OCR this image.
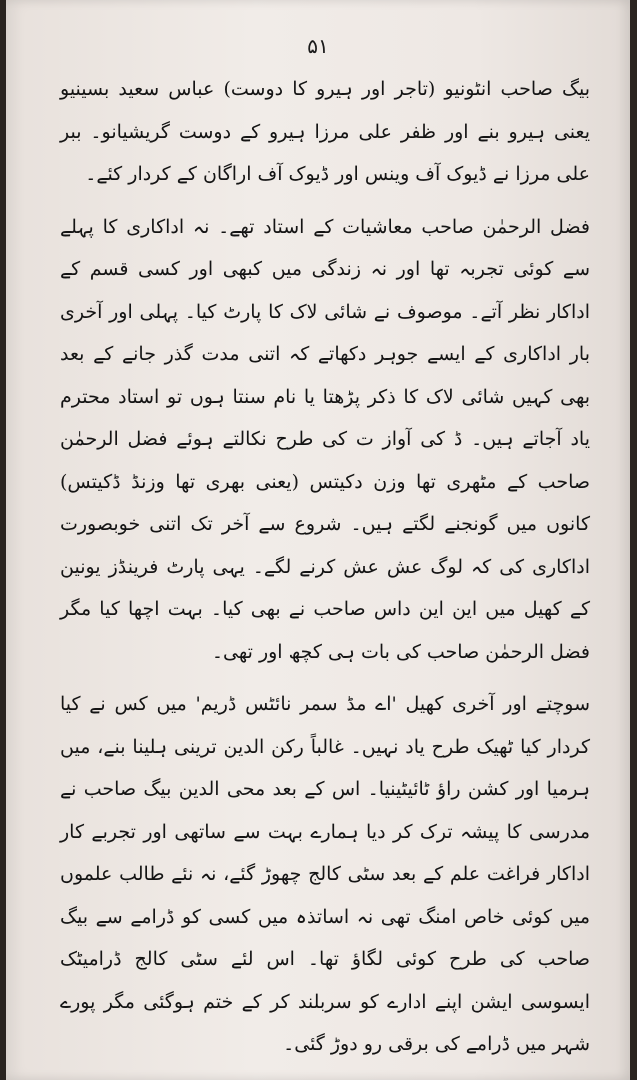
۵۱

بیگ صاحب انٹونیو (تاجر اور ہیرو کا دوست) عباس سعید بسینیو یعنی ہیرو بنے اور ظفر علی مرزا ہیرو کے دوست گریشیانو۔ ببر علی مرزا نے ڈیوک آف وینس اور ڈیوک آف اراگان کے کردار کئے۔

فضل الرحمٰن صاحب معاشیات کے استاد تھے۔ نہ اداکاری کا پہلے سے کوئی تجربہ تھا اور نہ زندگی میں کبھی اور کسی قسم کے اداکار نظر آتے۔ موصوف نے شائی لاک کا پارٹ کیا۔ پہلی اور آخری بار اداکاری کے ایسے جوہر دکھاتے کہ اتنی مدت گذر جانے کے بعد بھی کہیں شائی لاک کا ذکر پڑھتا یا نام سنتا ہوں تو استاد محترم یاد آجاتے ہیں۔ ڈ کی آواز ت کی طرح نکالتے ہوئے فضل الرحمٰن صاحب کے مٹھری تھا وزن دکیتس (یعنی بھری تھا وزنڈ ڈکیتس) کانوں میں گونجنے لگتے ہیں۔ شروع سے آخر تک اتنی خوبصورت اداکاری کی کہ لوگ عش عش کرنے لگے۔ یہی پارٹ فرینڈز یونین کے کھیل میں این این داس صاحب نے بھی کیا۔ بہت اچھا کیا مگر فضل الرحمٰن صاحب کی بات ہی کچھ اور تھی۔

سوچتے اور آخری کھیل 'اے مڈ سمر نائٹس ڈریم' میں کس نے کیا کردار کیا ٹھیک طرح یاد نہیں۔ غالباً رکن الدین ترینی ہلینا بنے، میں ہرمیا اور کشن راؤ ٹائیٹینیا۔ اس کے بعد محی الدین بیگ صاحب نے مدرسی کا پیشہ ترک کر دیا ہمارے بہت سے ساتھی اور تجربے کار اداکار فراغت علم کے بعد سٹی کالج چھوڑ گئے، نہ نئے طالب علموں میں کوئی خاص امنگ تھی نہ اساتذہ میں کسی کو ڈرامے سے بیگ صاحب کی طرح کوئی لگاؤ تھا۔ اس لئے سٹی کالج ڈرامیٹک ایسوسی ایشن اپنے ادارے کو سربلند کر کے ختم ہوگئی مگر پورے شہر میں ڈرامے کی برقی رو دوڑ گئی۔
